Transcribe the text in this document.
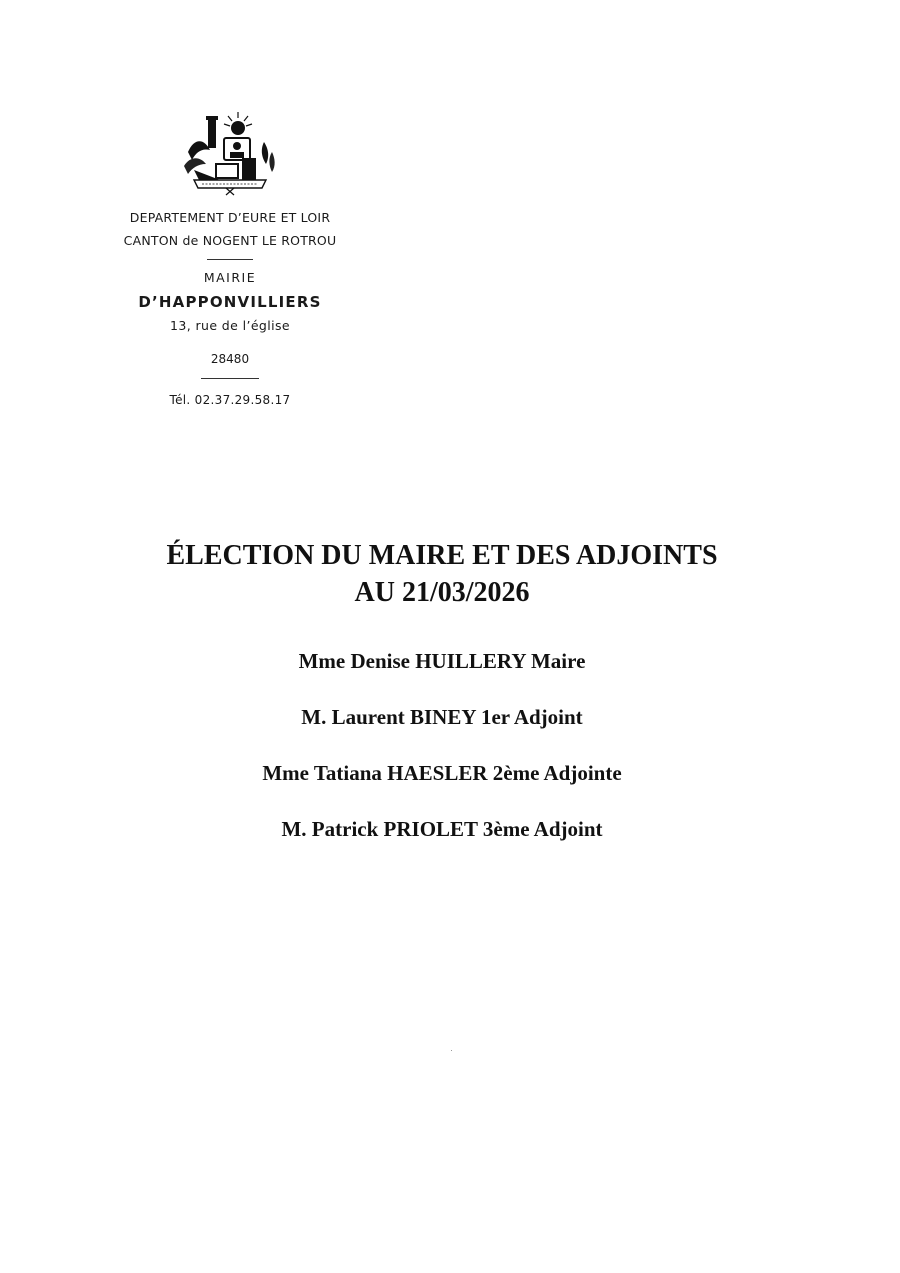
DEPARTEMENT D’EURE ET LOIR
CANTON de NOGENT LE ROTROU
MAIRIE
D’HAPPONVILLIERS
13, rue de l’église
28480
Tél. 02.37.29.58.17
ÉLECTION DU MAIRE ET DES ADJOINTS
AU 21/03/2026
Mme Denise HUILLERY Maire
M. Laurent BINEY 1er Adjoint
Mme Tatiana HAESLER 2ème Adjointe
M. Patrick PRIOLET 3ème Adjoint
